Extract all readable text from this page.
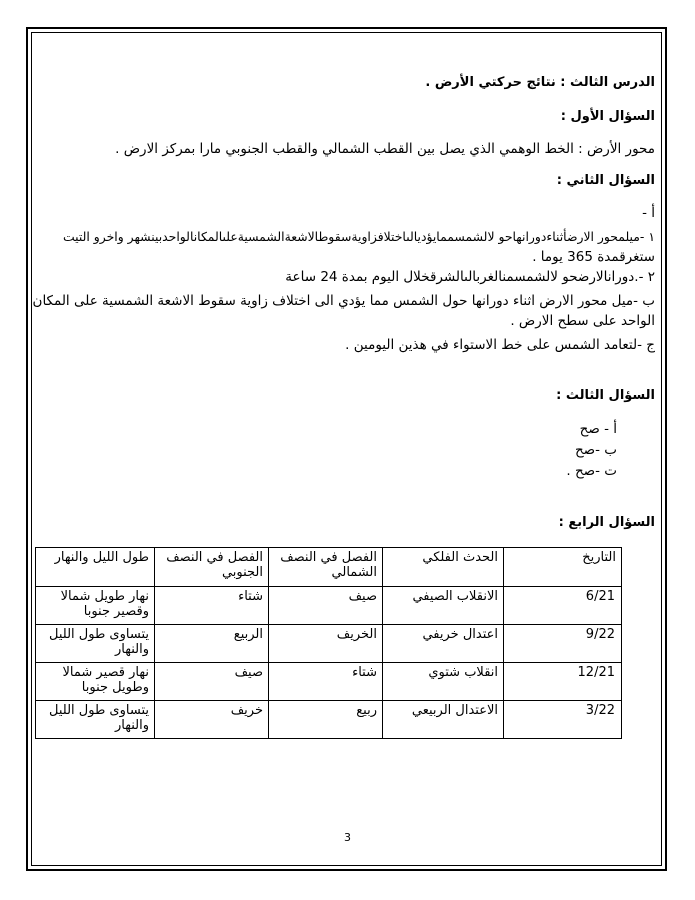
الدرس الثالث : نتائج حركتي الأرض .
السؤال الأول :
محور الأرض : الخط الوهمي الذي يصل بين القطب الشمالي والقطب الجنوبي مارا بمركز الارض .
السؤال الثاني :
أ -
١ -ميلمحور الارضأثناءدورانهاحو لالشمسممايؤديالىاختلافزاويةسقوطالاشعةالشمسيةعلىالمكانالواحدبينشهر واخرو التيت
ستغرقمدة 365 يوما .
٢ -.دورانالارضحو لالشمسمنالغربالىالشرقخلال اليوم بمدة 24 ساعة
ب -ميل محور الارض اثناء دورانها حول الشمس مما يؤدي الى اختلاف زاوية سقوط الاشعة الشمسية على المكان
الواحد على سطح الارض .
ج -لتعامد الشمس على خط الاستواء في هذين اليومين .
السؤال الثالث :
أ - صح
ب -صح
ت -صح .
السؤال الرابع :
التاريخ	الحدث الفلكي	الفصل في النصف الشمالي	الفصل في النصف الجنوبي	طول الليل والنهار
6/21	الانقلاب الصيفي	صيف	شتاء	نهار طويل شمالا وقصير جنوبا
9/22	اعتدال خريفي	الخريف	الربيع	يتساوى طول الليل والنهار
12/21	انقلاب شتوي	شتاء	صيف	نهار قصير شمالا وطويل جنوبا
3/22	الاعتدال الربيعي	ربيع	خريف	يتساوى طول الليل والنهار
3
